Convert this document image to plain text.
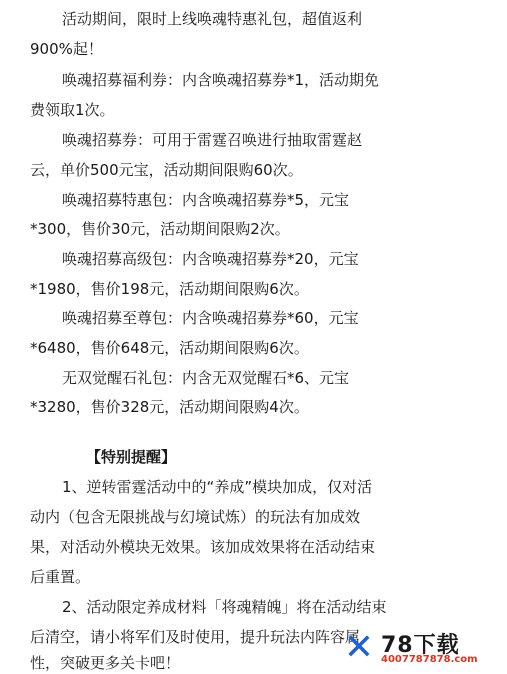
活动期间，限时上线唤魂特惠礼包，超值返利
900%起！
唤魂招募福利券：内含唤魂招募券*1，活动期免
费领取1次。
唤魂招募券：可用于雷霆召唤进行抽取雷霆赵
云，单价500元宝，活动期间限购60次。
唤魂招募特惠包：内含唤魂招募券*5，元宝
*300，售价30元，活动期间限购2次。
唤魂招募高级包：内含唤魂招募券*20，元宝
*1980，售价198元，活动期间限购6次。
唤魂招募至尊包：内含唤魂招募券*60，元宝
*6480，售价648元，活动期间限购6次。
无双觉醒石礼包：内含无双觉醒石*6、元宝
*3280，售价328元，活动期间限购4次。
【特别提醒】
1、逆转雷霆活动中的“养成”模块加成，仅对活
动内（包含无限挑战与幻境试炼）的玩法有加成效
果，对活动外模块无效果。该加成效果将在活动结束
后重置。
2、活动限定养成材料「将魂精魄」将在活动结束
后清空，请小将军们及时使用，提升玩法内阵容属
性，突破更多关卡吧！	✕ 78下载
4007787878.com
